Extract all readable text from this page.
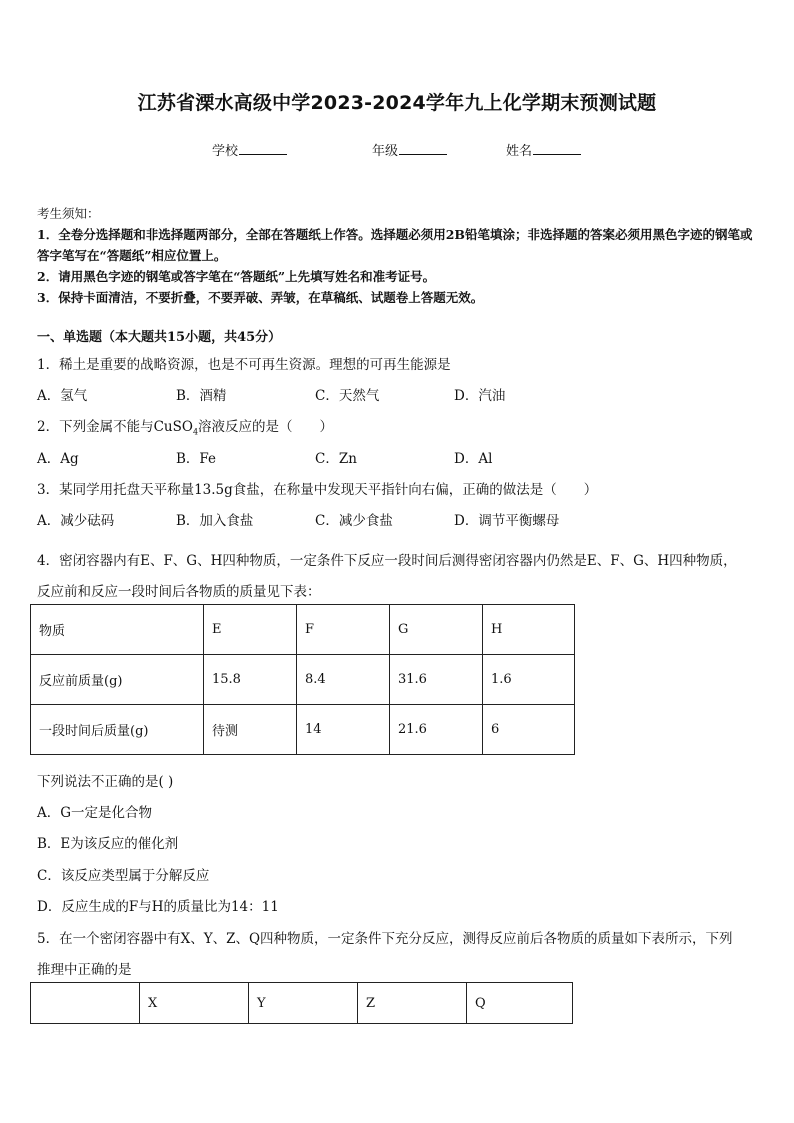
江苏省溧水高级中学2023-2024学年九上化学期末预测试题
学校	年级	姓名
考生须知：
1．全卷分选择题和非选择题两部分，全部在答题纸上作答。选择题必须用2B铅笔填涂；非选择题的答案必须用黑色字迹的钢笔或答字笔写在“答题纸”相应位置上。
2．请用黑色字迹的钢笔或答字笔在“答题纸”上先填写姓名和准考证号。
3．保持卡面清洁，不要折叠，不要弄破、弄皱，在草稿纸、试题卷上答题无效。
一、单选题（本大题共15小题，共45分）
1．稀土是重要的战略资源，也是不可再生资源。理想的可再生能源是
A．氢气	B．酒精	C．天然气	D．汽油
2．下列金属不能与CuSO$_4$溶液反应的是（　　）
A．Ag	B．Fe	C．Zn	D．Al
3．某同学用托盘天平称量13.5g食盐，在称量中发现天平指针向右偏，正确的做法是（　　）
A．减少砝码	B．加入食盐	C．减少食盐	D．调节平衡螺母
4．密闭容器内有E、F、G、H四种物质，一定条件下反应一段时间后测得密闭容器内仍然是E、F、G、H四种物质，
反应前和反应一段时间后各物质的质量见下表：
物质	E	F	G	H
反应前质量(g)	15.8	8.4	31.6	1.6
一段时间后质量(g)	待测	14	21.6	6
下列说法不正确的是( )
A．G一定是化合物
B．E为该反应的催化剂
C．该反应类型属于分解反应
D．反应生成的F与H的质量比为14：11
5．在一个密闭容器中有X、Y、Z、Q四种物质，一定条件下充分反应，测得反应前后各物质的质量如下表所示，下列
推理中正确的是
	X	Y	Z	Q
